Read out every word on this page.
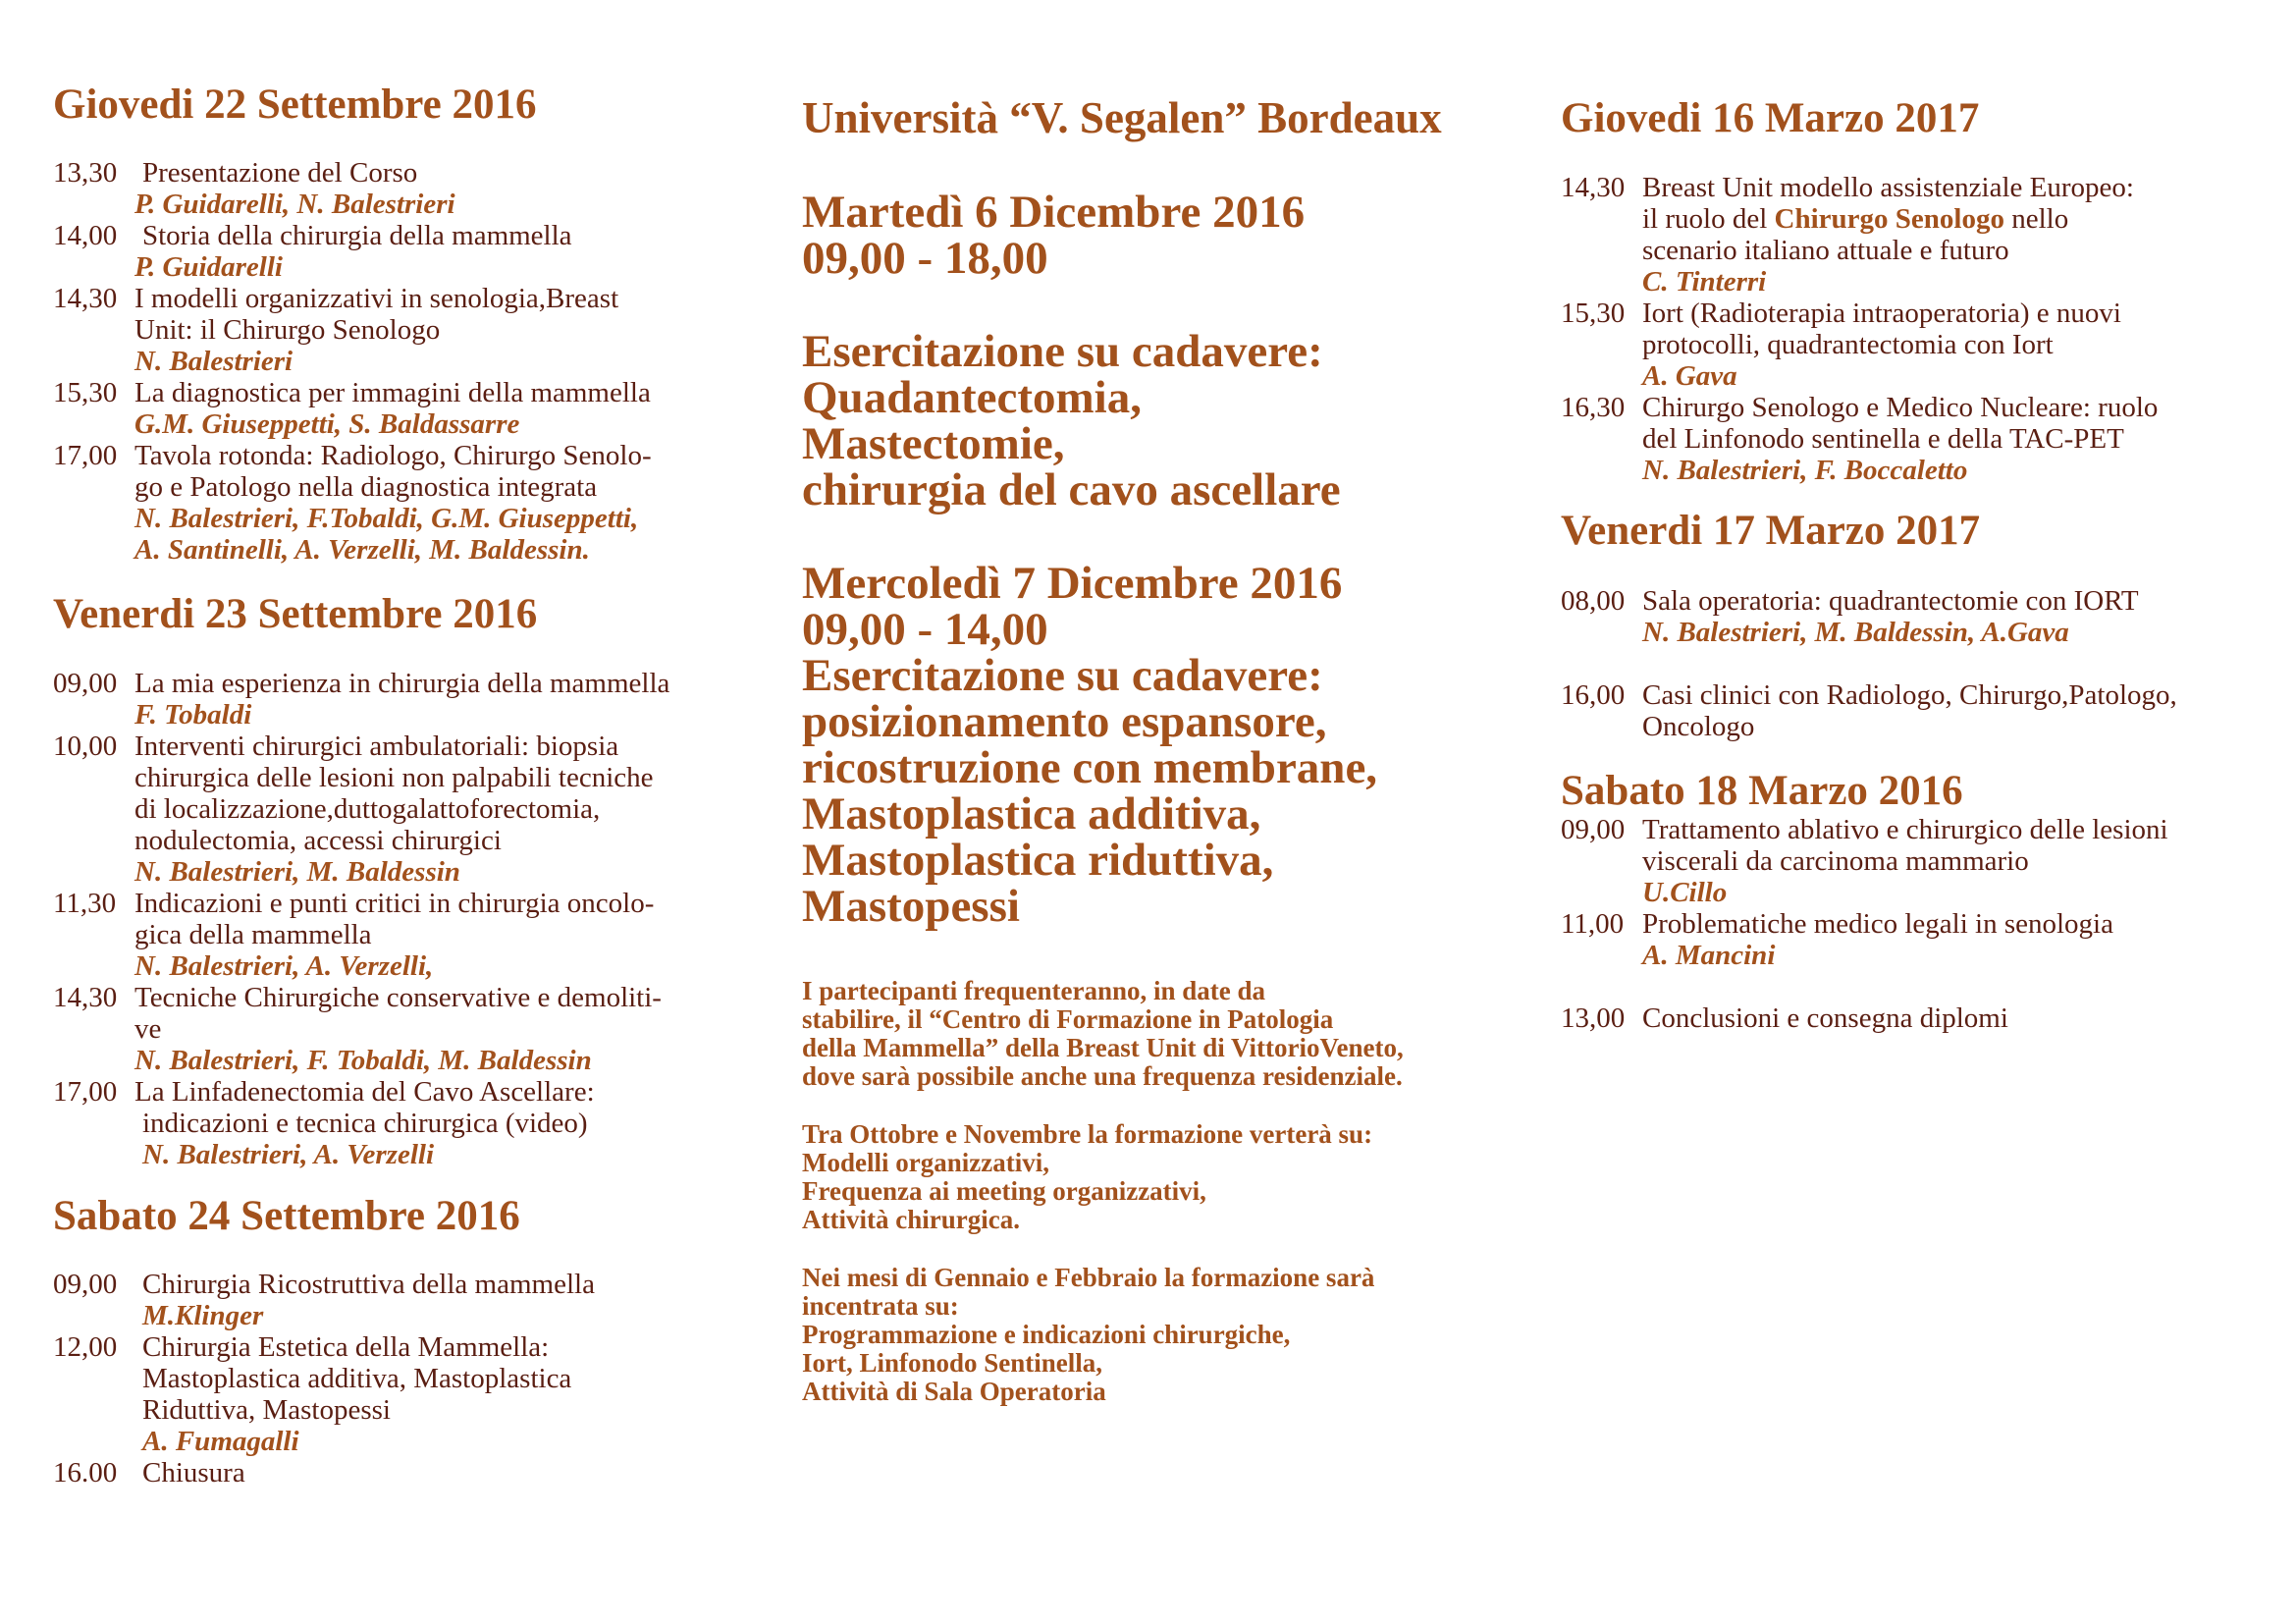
Giovedi 22 Settembre 2016
13,30 Presentazione del Corso
P. Guidarelli, N. Balestrieri
14,00 Storia della chirurgia della mammella
P. Guidarelli
14,30 I modelli organizzativi in senologia,Breast
Unit: il Chirurgo Senologo
N. Balestrieri
15,30 La diagnostica per immagini della mammella
G.M. Giuseppetti, S. Baldassarre
17,00 Tavola rotonda: Radiologo, Chirurgo Senolo-
go e Patologo nella diagnostica integrata
N. Balestrieri, F.Tobaldi, G.M. Giuseppetti,
A. Santinelli, A. Verzelli, M. Baldessin.
Venerdi 23 Settembre 2016
09,00 La mia esperienza in chirurgia della mammella
F. Tobaldi
10,00 Interventi chirurgici ambulatoriali: biopsia
chirurgica delle lesioni non palpabili tecniche
di localizzazione,duttogalattoforectomia,
nodulectomia, accessi chirurgici
N. Balestrieri, M. Baldessin
11,30 Indicazioni e punti critici in chirurgia oncolo-
gica della mammella
N. Balestrieri, A. Verzelli,
14,30 Tecniche Chirurgiche conservative e demoliti-
ve
N. Balestrieri, F. Tobaldi, M. Baldessin
17,00 La Linfadenectomia del Cavo Ascellare:
indicazioni e tecnica chirurgica (video)
N. Balestrieri, A. Verzelli
Sabato 24 Settembre 2016
09,00 Chirurgia Ricostruttiva della mammella
M.Klinger
12,00 Chirurgia Estetica della Mammella:
Mastoplastica additiva, Mastoplastica
Riduttiva, Mastopessi
A. Fumagalli
16.00 Chiusura
Università “V. Segalen” Bordeaux
Martedì 6 Dicembre 2016
09,00 - 18,00
Esercitazione su cadavere:
Quadantectomia,
Mastectomie,
chirurgia del cavo ascellare
Mercoledì 7 Dicembre 2016
09,00 - 14,00
Esercitazione su cadavere:
posizionamento espansore,
ricostruzione con membrane,
Mastoplastica additiva,
Mastoplastica riduttiva,
Mastopessi
I partecipanti frequenteranno, in date da
stabilire, il “Centro di Formazione in Patologia
della Mammella” della Breast Unit di VittorioVeneto,
dove sarà possibile anche una frequenza residenziale.
Tra Ottobre e Novembre la formazione verterà su:
Modelli organizzativi,
Frequenza ai meeting organizzativi,
Attività chirurgica.
Nei mesi di Gennaio e Febbraio la formazione sarà
incentrata su:
Programmazione e indicazioni chirurgiche,
Iort, Linfonodo Sentinella,
Attività di Sala Operatoria
Giovedi 16 Marzo 2017
14,30 Breast Unit modello assistenziale Europeo:
il ruolo del Chirurgo Senologo nello
scenario italiano attuale e futuro
C. Tinterri
15,30 Iort (Radioterapia intraoperatoria) e nuovi
protocolli, quadrantectomia con Iort
A. Gava
16,30 Chirurgo Senologo e Medico Nucleare: ruolo
del Linfonodo sentinella e della TAC-PET
N. Balestrieri, F. Boccaletto
Venerdi 17 Marzo 2017
08,00 Sala operatoria: quadrantectomie con IORT
N. Balestrieri, M. Baldessin, A.Gava
16,00 Casi clinici con Radiologo, Chirurgo,Patologo,
Oncologo
Sabato 18 Marzo 2016
09,00 Trattamento ablativo e chirurgico delle lesioni
viscerali da carcinoma mammario
U.Cillo
11,00 Problematiche medico legali in senologia
A. Mancini
13,00 Conclusioni e consegna diplomi
